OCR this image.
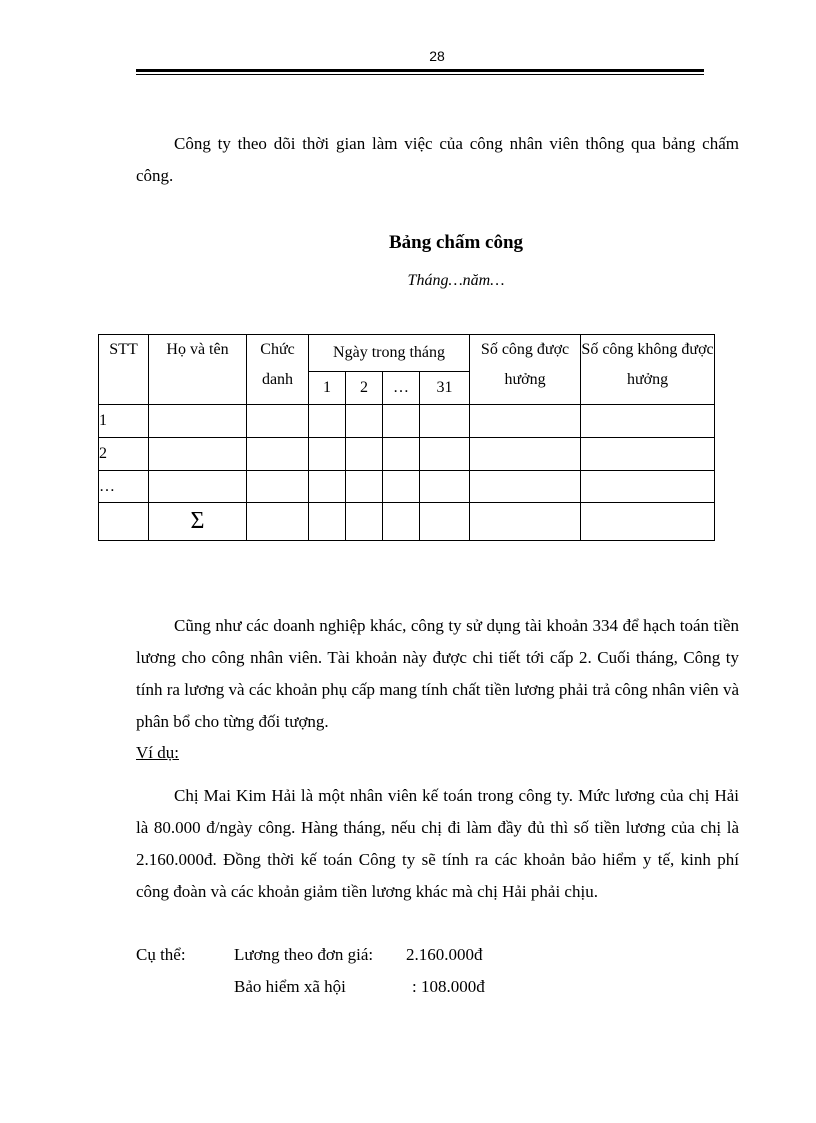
28

Công ty theo dõi thời gian làm việc của công nhân viên thông qua bảng chấm công.

Bảng chấm công
Tháng…năm…
STT	Họ và tên	Chức danh	Ngày trong tháng				Số công được hưởng	Số công không được hưởng
			1	2	…	31		
1								
2								
…								
	Σ							

Cũng như các doanh nghiệp khác, công ty sử dụng tài khoản 334 để hạch toán tiền lương cho công nhân viên. Tài khoản này được chi tiết tới cấp 2. Cuối tháng, Công ty tính ra lương và các khoản phụ cấp mang tính chất tiền lương phải trả công nhân viên và phân bổ cho từng đối tượng.

Ví dụ:

Chị Mai Kim Hải là một nhân viên kế toán trong công ty. Mức lương của chị Hải là 80.000 đ/ngày công. Hàng tháng, nếu chị đi làm đầy đủ thì số tiền lương của chị là 2.160.000đ. Đồng thời kế toán Công ty sẽ tính ra các khoản bảo hiểm y tế, kinh phí công đoàn và các khoản giảm tiền lương khác mà chị Hải phải chịu.

Cụ thể:	Lương theo đơn giá: 2.160.000đ
Bảo hiểm xã hội	: 108.000đ
